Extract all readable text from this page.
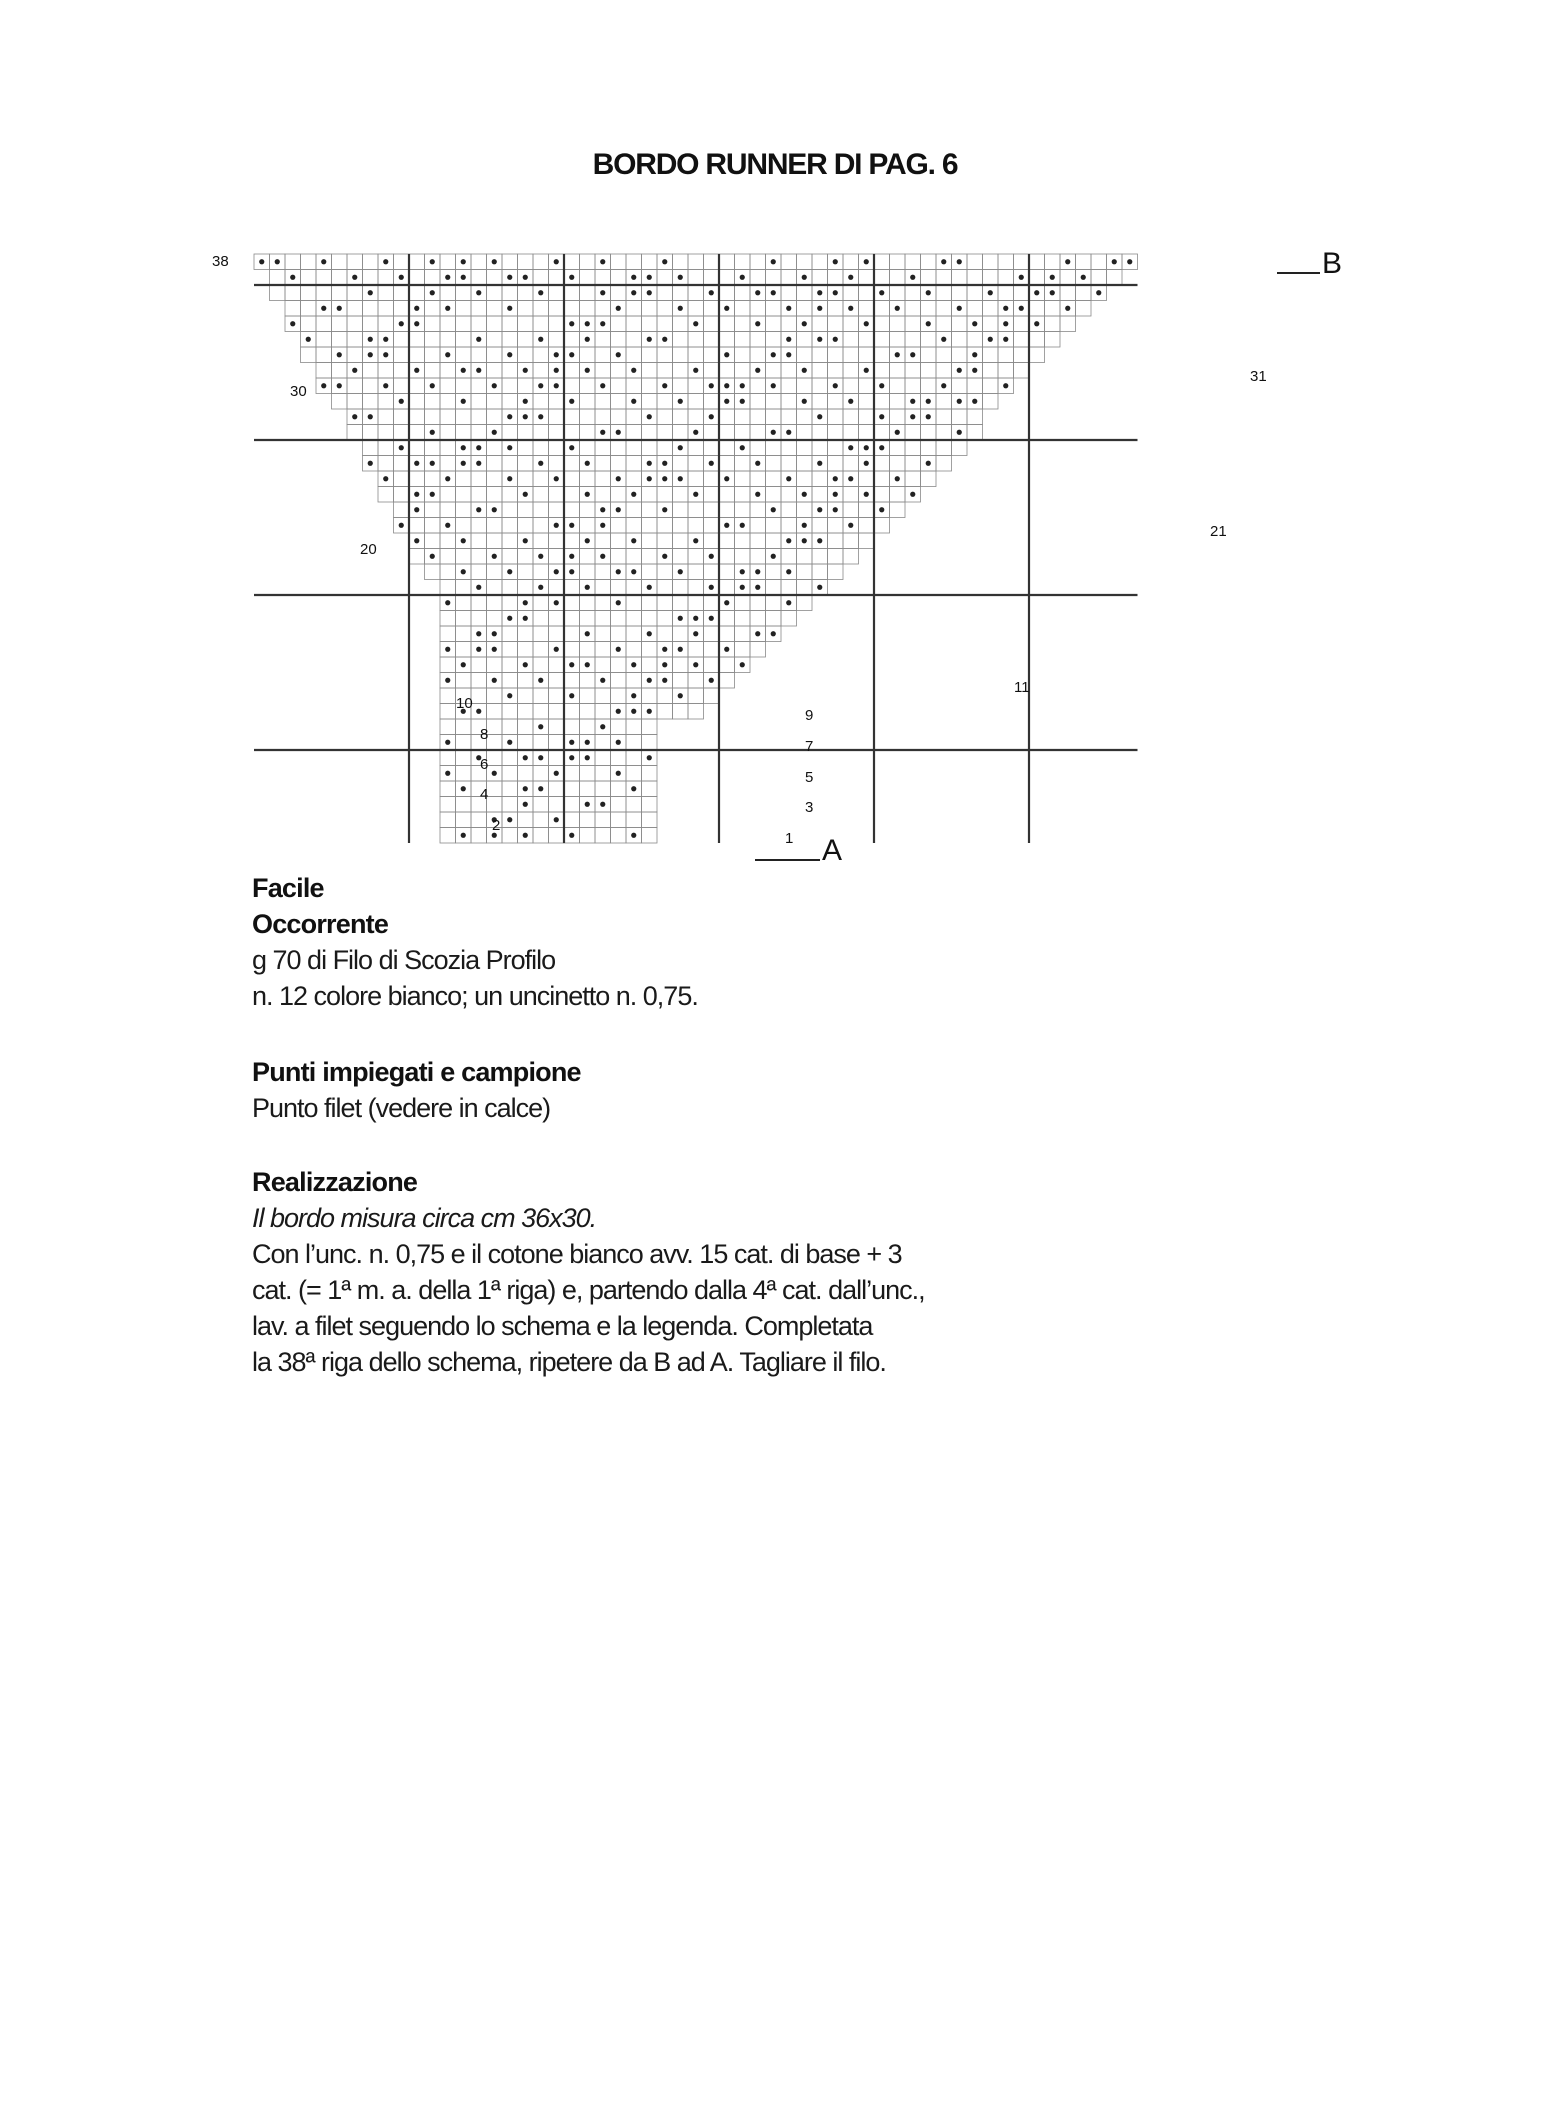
BORDO RUNNER DI PAG. 6
38
31
30
21
20
11
10
9
8
7
6
5
4
3
2
1
B
A
Facile
Occorrente
g 70 di Filo di Scozia Profilo
n. 12 colore bianco; un uncinetto n. 0,75.
Punti impiegati e campione
Punto filet (vedere in calce)
Realizzazione
Il bordo misura circa cm 36x30.
Con l’unc. n. 0,75 e il cotone bianco avv. 15 cat. di base + 3
cat. (= 1ª m. a. della 1ª riga) e, partendo dalla 4ª cat. dall’unc.,
lav. a filet seguendo lo schema e la legenda. Completata
la 38ª riga dello schema, ripetere da B ad A. Tagliare il filo.
